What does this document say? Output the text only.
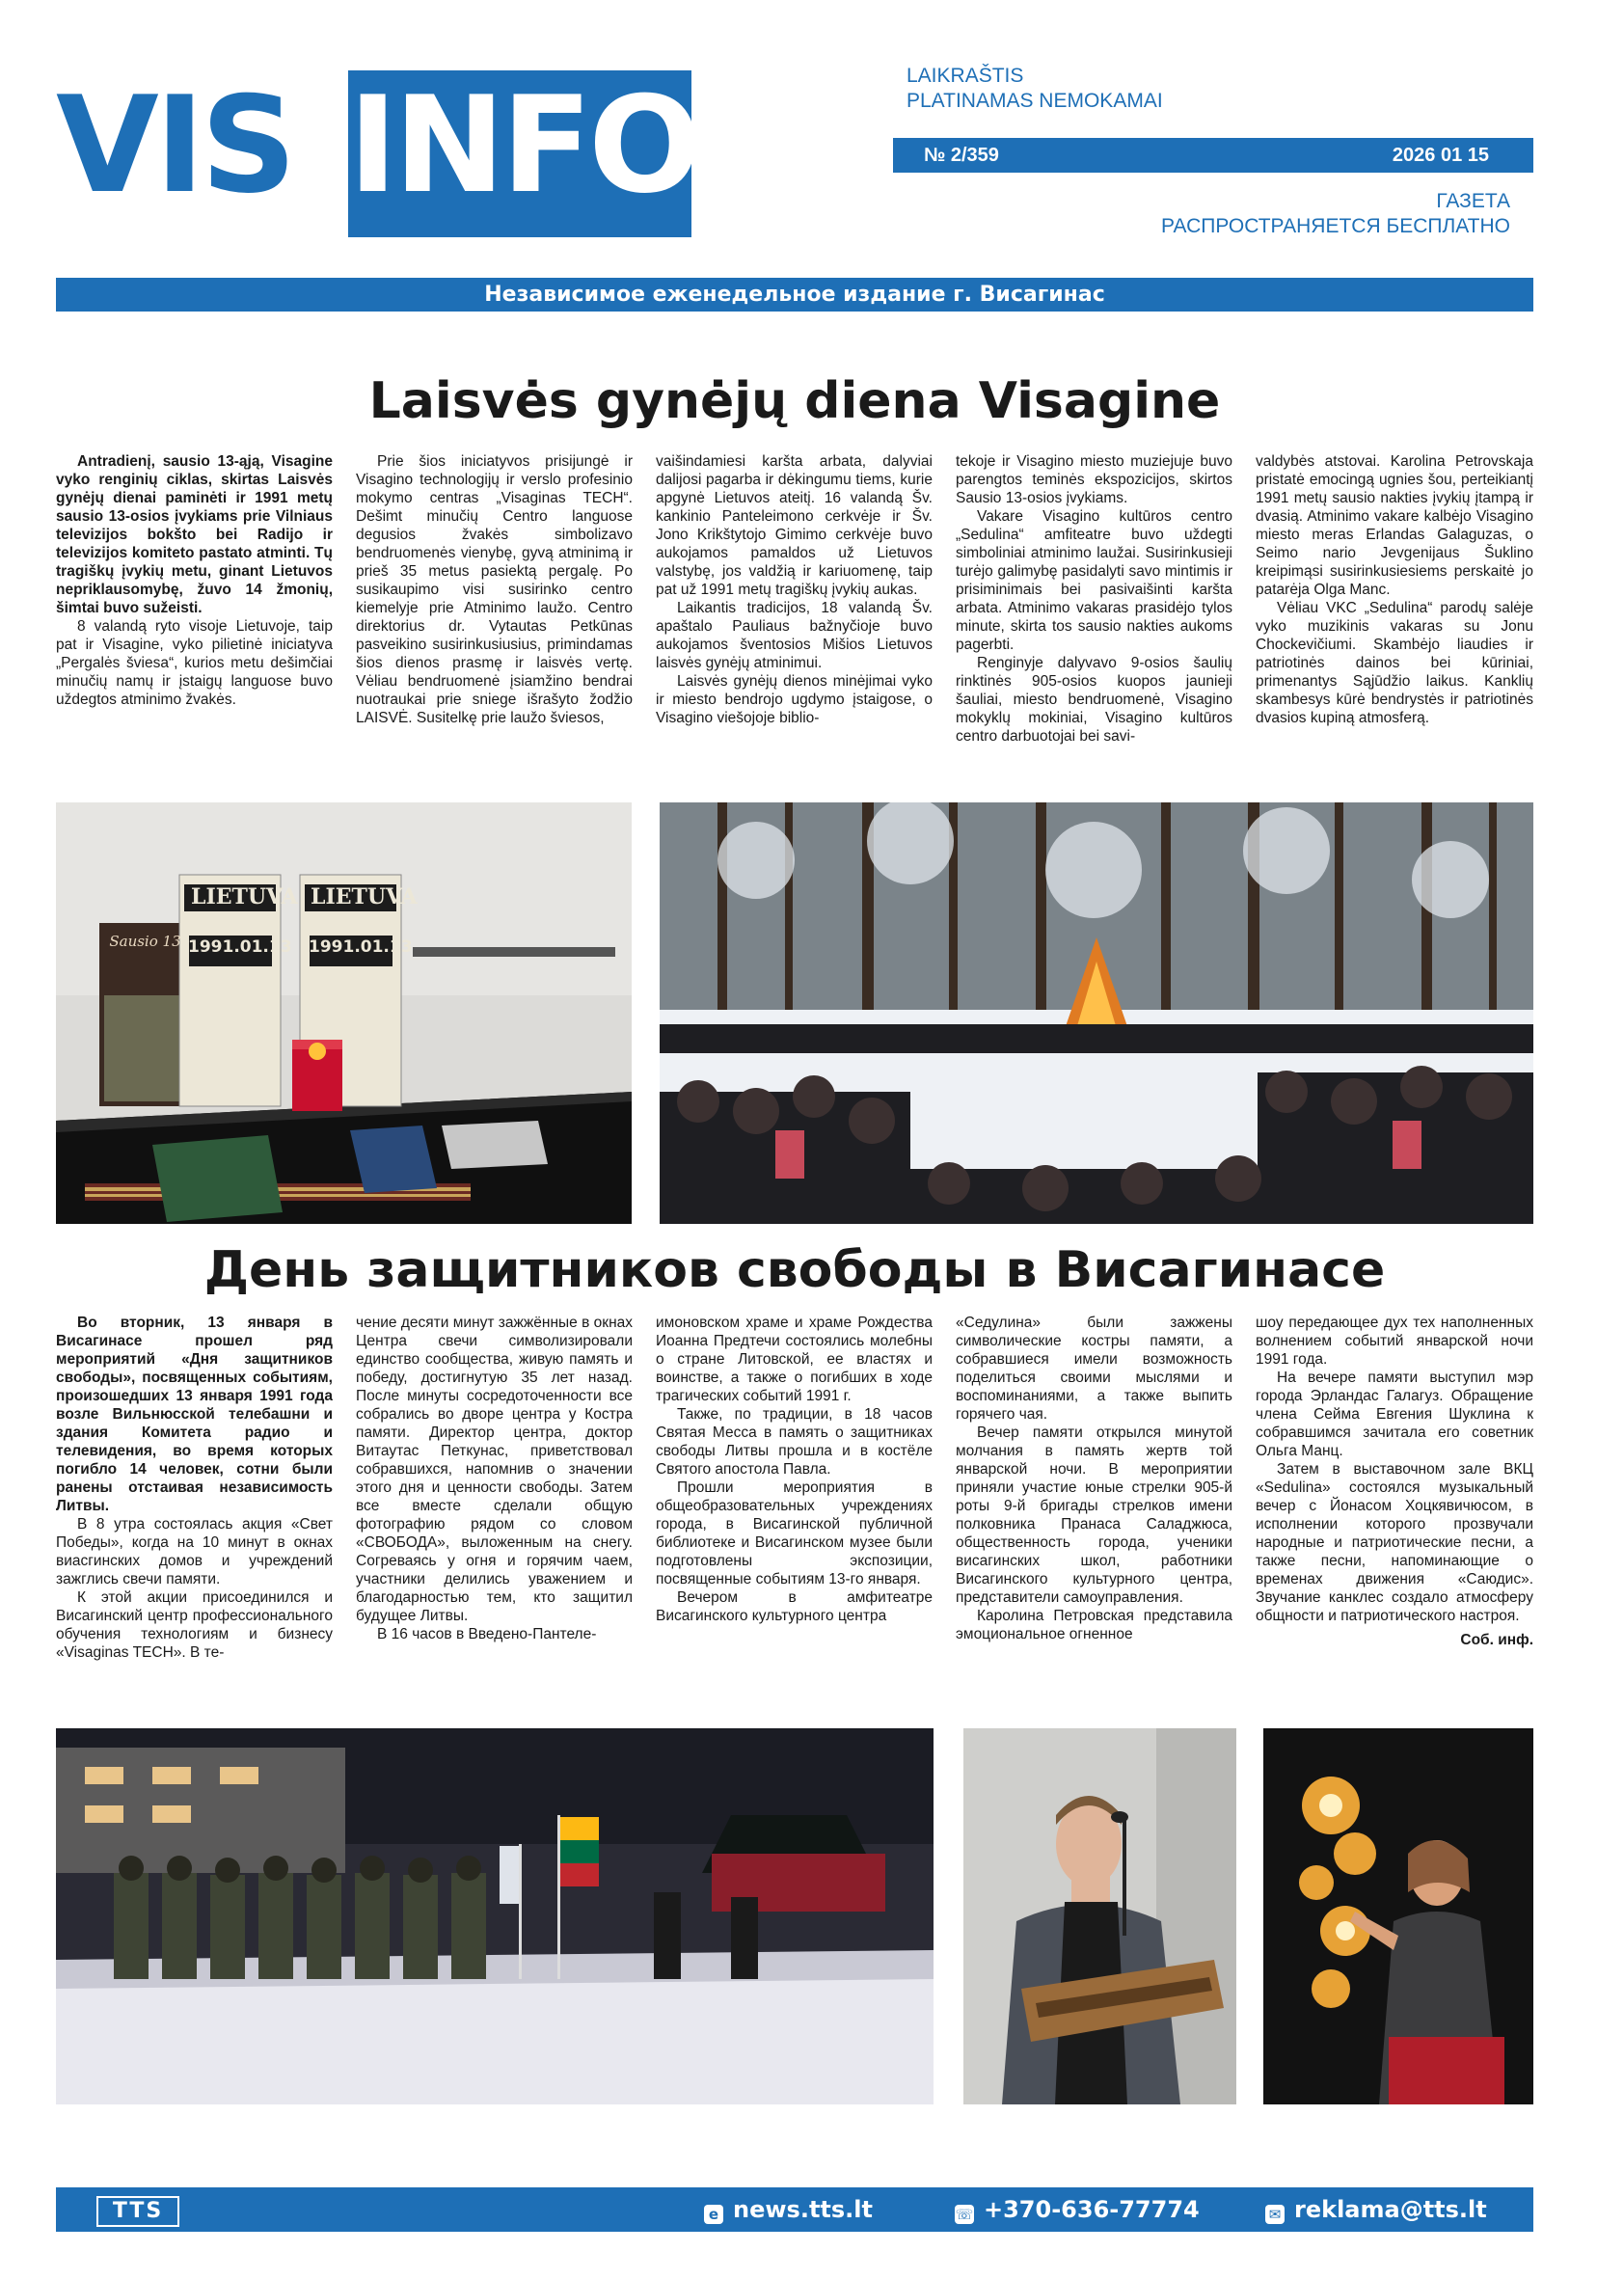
VIS INFO	LAIKRAŠTIS
PLATINAMAS NEMOKAMAI
№ 2/359	2026 01 15
ГАЗЕТА
РАСПРОСТРАНЯЕТСЯ БЕСПЛАТНО
Независимое еженедельное издание г. Висагинас
Laisvės gynėjų diena Visagine

Antradienį, sausio 13-ąją, Visagine vyko renginių ciklas, skirtas Laisvės gynėjų dienai paminėti ir 1991 metų sausio 13-osios įvykiams prie Vilniaus televizijos bokšto bei Radijo ir televizijos komiteto pastato atminti. Tų tragiškų įvykių metu, ginant Lietuvos nepriklausomybę, žuvo 14 žmonių, šimtai buvo sužeisti.

8 valandą ryto visoje Lietuvoje, taip pat ir Visagine, vyko pilietinė iniciatyva „Pergalės šviesa“, kurios metu dešimčiai minučių namų ir įstaigų languose buvo uždegtos atminimo žvakės.

Prie šios iniciatyvos prisijungė ir Visagino technologijų ir verslo profesinio mokymo centras „Visaginas TECH“. Dešimt minučių Centro languose degusios žvakės simbolizavo bendruomenės vienybę, gyvą atminimą ir prieš 35 metus pasiektą pergalę. Po susikaupimo visi susirinko centro kiemelyje prie Atminimo laužo. Centro direktorius dr. Vytautas Petkūnas pasveikino susirinkusiusius, primindamas šios dienos prasmę ir laisvės vertę. Vėliau bendruomenė įsiamžino bendrai nuotraukai prie sniege išrašyto žodžio LAISVĖ. Susitelkę prie laužo šviesos,

vaišindamiesi karšta arbata, dalyviai dalijosi pagarba ir dėkingumu tiems, kurie apgynė Lietuvos ateitį. 16 valandą Šv. kankinio Panteleimono cerkvėje ir Šv. Jono Krikštytojo Gimimo cerkvėje buvo aukojamos pamaldos už Lietuvos valstybę, jos valdžią ir kariuomenę, taip pat už 1991 metų tragiškų įvykių aukas.

Laikantis tradicijos, 18 valandą Šv. apaštalo Pauliaus bažnyčioje buvo aukojamos šventosios Mišios Lietuvos laisvės gynėjų atminimui.

Laisvės gynėjų dienos minėjimai vyko ir miesto bendrojo ugdymo įstaigose, o Visagino viešojoje biblio-

tekoje ir Visagino miesto muziejuje buvo parengtos teminės ekspozicijos, skirtos Sausio 13-osios įvykiams.

Vakare Visagino kultūros centro „Sedulina“ amfiteatre buvo uždegti simboliniai atminimo laužai. Susirinkusieji turėjo galimybę pasidalyti savo mintimis ir prisiminimais bei pasivaišinti karšta arbata. Atminimo vakaras prasidėjo tylos minute, skirta tos sausio nakties aukoms pagerbti.

Renginyje dalyvavo 9-osios šaulių rinktinės 905-osios kuopos jaunieji šauliai, miesto bendruomenė, Visagino mokyklų mokiniai, Visagino kultūros centro darbuotojai bei savi-

valdybės atstovai. Karolina Petrovskaja pristatė emocingą ugnies šou, perteikiantį 1991 metų sausio nakties įvykių įtampą ir dvasią. Atminimo vakare kalbėjo Visagino miesto meras Erlandas Galaguzas, o Seimo nario Jevgenijaus Šuklino kreipimąsi susirinkusiesiems perskaitė jo patarėja Olga Manc.

Vėliau VKC „Sedulina“ parodų salėje vyko muzikinis vakaras su Jonu Chockevičiumi. Skambėjo liaudies ir patriotinės dainos bei kūriniai, primenantys Sąjūdžio laikus. Kanklių skambesys kūrė bendrystės ir patriotinės dvasios kupiną atmosferą.

LIETUVA
1991.01.13
LIETUVA
1991.01.13
Sausio 13
День защитников свободы в Висагинасе

Во вторник, 13 января в Висагинасе прошел ряд мероприятий «Дня защитников свободы», посвященных событиям, произошедших 13 января 1991 года возле Вильнюсской телебашни и здания Комитета радио и телевидения, во время которых погибло 14 человек, сотни были ранены отстаивая независимость Литвы.

В 8 утра состоялась акция «Свет Победы», когда на 10 минут в окнах виасгинских домов и учреждений зажглись свечи памяти.

К этой акции присоединился и Висагинский центр профессионального обучения технологиям и бизнесу «Visaginas TECH». В те-

чение десяти минут зажжённые в окнах Центра свечи символизировали единство сообщества, живую память и победу, достигнутую 35 лет назад. После минуты сосредоточенности все собрались во дворе центра у Костра памяти. Директор центра, доктор Витаутас Петкунас, приветствовал собравшихся, напомнив о значении этого дня и ценности свободы. Затем все вместе сделали общую фотографию рядом со словом «СВОБОДА», выложенным на снегу. Согреваясь у огня и горячим чаем, участники делились уважением и благодарностью тем, кто защитил будущее Литвы.

В 16 часов в Введено-Пантеле-

имоновском храме и храме Рождества Иоанна Предтечи состоялись молебны о стране Литовской, ее властях и воинстве, а также о погибших в ходе трагических событий 1991 г.

Также, по традиции, в 18 часов Святая Месса в память о защитниках свободы Литвы прошла и в костёле Святого апостола Павла.

Прошли мероприятия в общеобразовательных учреждениях города, в Висагинской публичной библиотеке и Висагинском музее были подготовлены экспозиции, посвященные событиям 13-го января.

Вечером в амфитеатре Висагинского культурного центра

«Седулина» были зажжены символические костры памяти, а собравшиеся имели возможность поделиться своими мыслями и воспоминаниями, а также выпить горячего чая.

Вечер памяти открылся минутой молчания в память жертв той январской ночи. В мероприятии приняли участие юные стрелки 905-й роты 9-й бригады стрелков имени полковника Пранаса Саладжюса, общественность города, ученики висагинских школ, работники Висагинского культурного центра, представители самоуправления.

Каролина Петровская представила эмоциональное огненное

шоу передающее дух тех наполненных волнением событий январской ночи 1991 года.

На вечере памяти выступил мэр города Эрландас Галагуз. Обращение члена Сейма Евгения Шуклина к собравшимся зачитала его советник Ольга Манц.

Затем в выставочном зале ВКЦ «Sedulina» состоялся музыкальный вечер с Йонасом Хоцкявичюсом, в исполнении которого прозвучали народные и патриотические песни, а также песни, напоминающие о временах движения «Саюдис». Звучание канклес создало атмосферу общности и патриотического настроя.

Соб. инф.

TTS	e news.tts.lt	☏ +370-636-77774	✉ reklama@tts.lt
